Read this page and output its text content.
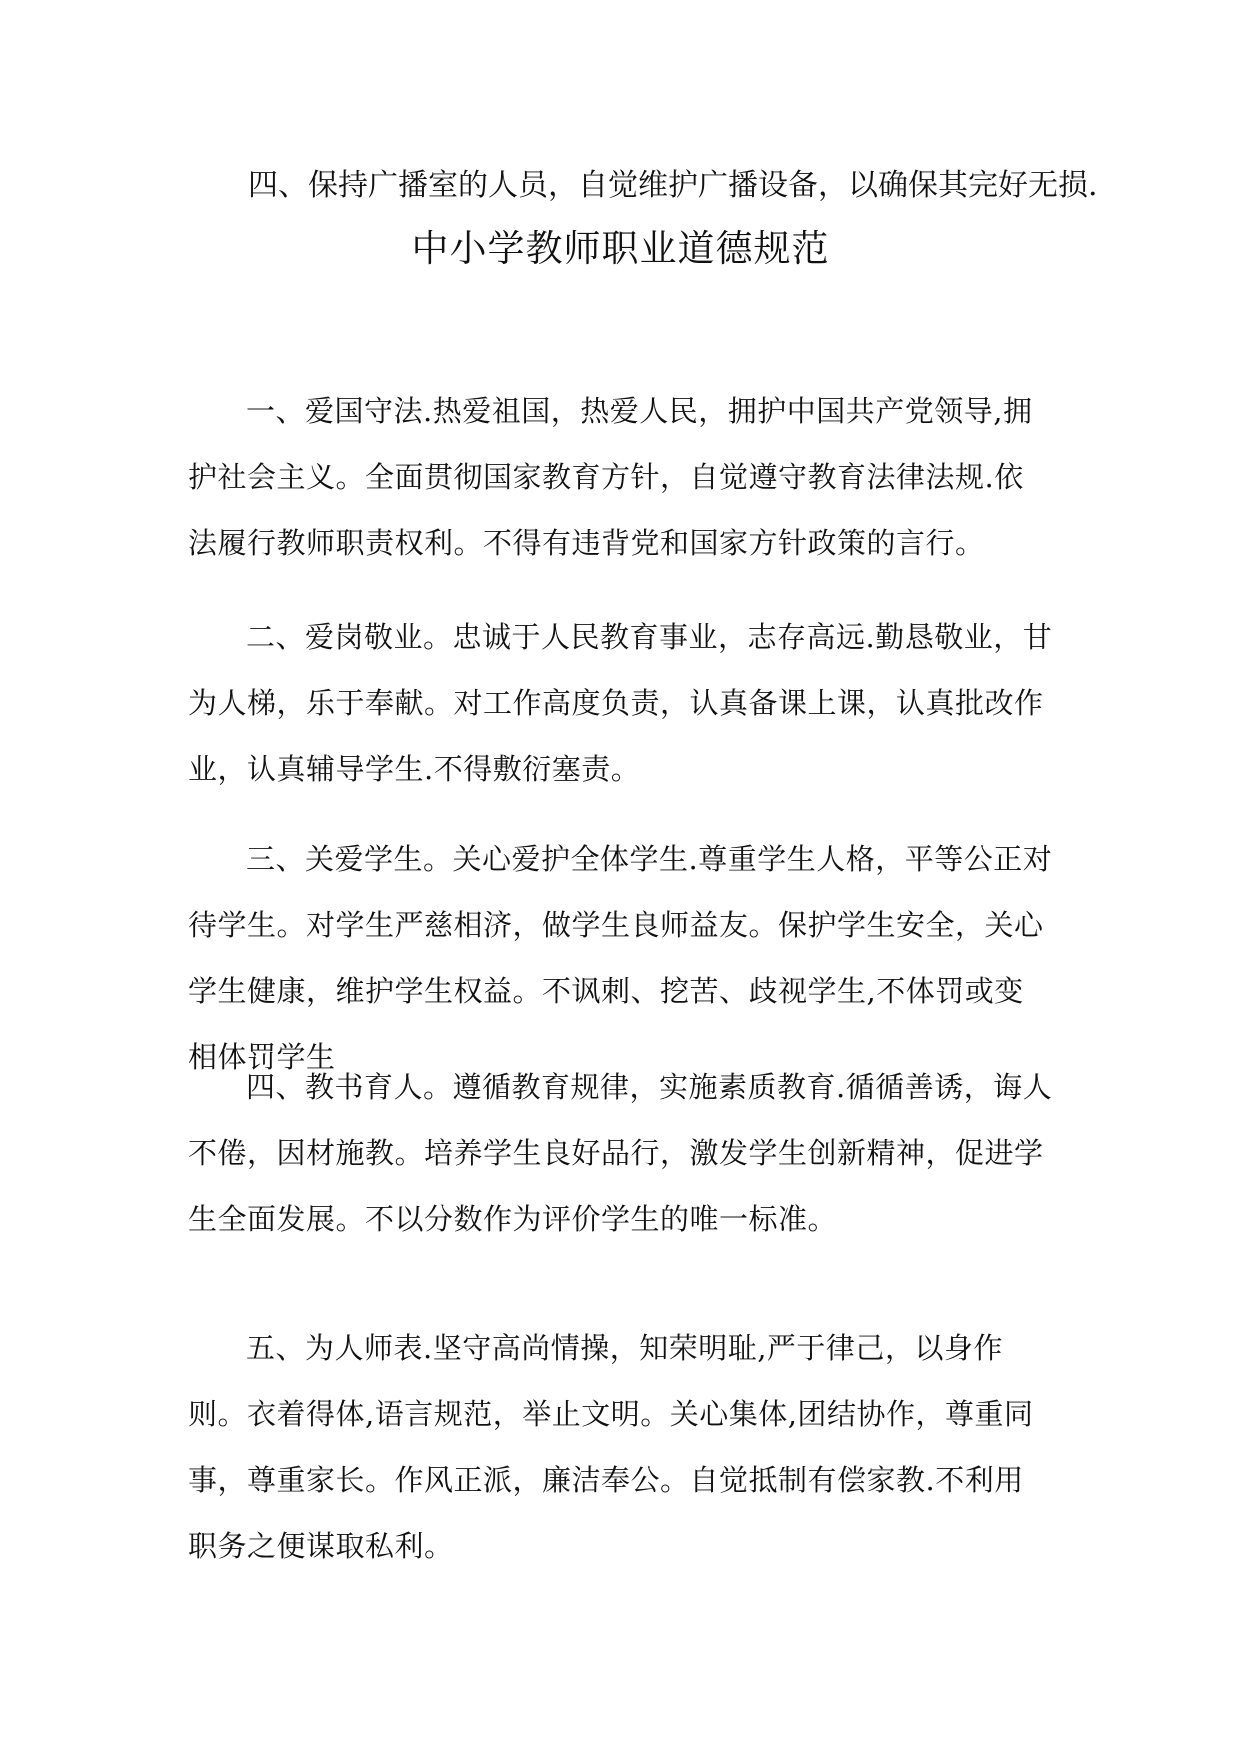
四、保持广播室的人员，自觉维护广播设备，以确保其完好无损.
中小学教师职业道德规范

一、爱国守法.热爱祖国，热爱人民，拥护中国共产党领导,拥护社会主义。全面贯彻国家教育方针，自觉遵守教育法律法规.依法履行教师职责权利。不得有违背党和国家方针政策的言行。

二、爱岗敬业。忠诚于人民教育事业，志存高远.勤恳敬业，甘为人梯，乐于奉献。对工作高度负责，认真备课上课，认真批改作业，认真辅导学生.不得敷衍塞责。

三、关爱学生。关心爱护全体学生.尊重学生人格，平等公正对待学生。对学生严慈相济，做学生良师益友。保护学生安全，关心学生健康，维护学生权益。不讽刺、挖苦、歧视学生,不体罚或变相体罚学生

四、教书育人。遵循教育规律，实施素质教育.循循善诱，诲人不倦，因材施教。培养学生良好品行，激发学生创新精神，促进学生全面发展。不以分数作为评价学生的唯一标准。

五、为人师表.坚守高尚情操，知荣明耻,严于律己，以身作则。衣着得体,语言规范，举止文明。关心集体,团结协作，尊重同事，尊重家长。作风正派，廉洁奉公。自觉抵制有偿家教.不利用职务之便谋取私利。
